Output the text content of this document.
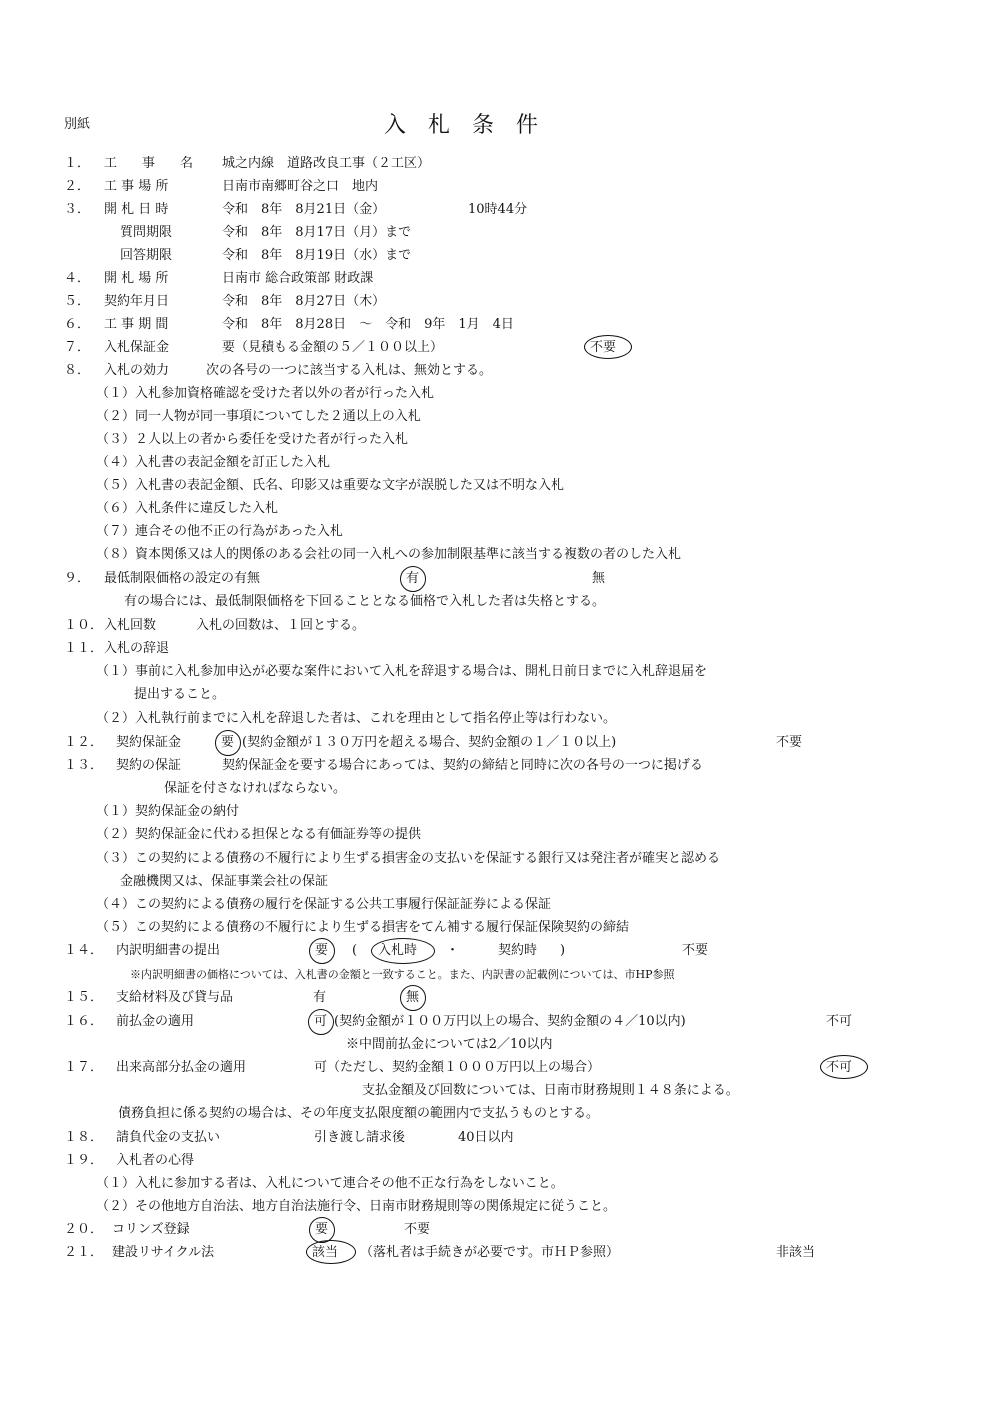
別紙	入札条件
１． 工　事　名 城之内線　道路改良工事（２工区）
２． 工 事 場 所	日南市南郷町谷之口　地内
３． 開 札 日 時	令和　8年　8月21日（金）	10時44分
質問期限	令和　8年　8月17日（月）まで
回答期限	令和　8年　8月19日（水）まで
４． 開 札 場 所	日南市 総合政策部 財政課
５． 契約年月日	令和　8年　8月27日（木）
６． 工 事 期 間	令和　8年　8月28日　～　令和　9年　1月　4日
７． 入札保証金	要（見積もる金額の５／１００以上）	不要
８． 入札の効力	次の各号の一つに該当する入札は、無効とする。
（１）入札参加資格確認を受けた者以外の者が行った入札
（２）同一人物が同一事項についてした２通以上の入札
（３）２人以上の者から委任を受けた者が行った入札
（４）入札書の表記金額を訂正した入札
（５）入札書の表記金額、氏名、印影又は重要な文字が誤脱した又は不明な入札
（６）入札条件に違反した入札
（７）連合その他不正の行為があった入札
（８）資本関係又は人的関係のある会社の同一入札への参加制限基準に該当する複数の者のした入札
９． 最低制限価格の設定の有無	有	無
有の場合には、最低制限価格を下回ることとなる価格で入札した者は失格とする。
１０． 入札回数	入札の回数は、１回とする。
１１． 入札の辞退
（１）事前に入札参加申込が必要な案件において入札を辞退する場合は、開札日前日までに入札辞退届を
提出すること。
（２）入札執行前までに入札を辞退した者は、これを理由として指名停止等は行わない。
１２． 契約保証金	要 (契約金額が１３０万円を超える場合、契約金額の１／１０以上)	不要
１３． 契約の保証	契約保証金を要する場合にあっては、契約の締結と同時に次の各号の一つに掲げる
保証を付さなければならない。
（１）契約保証金の納付
（２）契約保証金に代わる担保となる有価証券等の提供
（３）この契約による債務の不履行により生ずる損害金の支払いを保証する銀行又は発注者が確実と認める
金融機関又は、保証事業会社の保証
（４）この契約による債務の履行を保証する公共工事履行保証証券による保証
（５）この契約による債務の不履行により生ずる損害をてん補する履行保証保険契約の締結
１４． 内訳明細書の提出	要 ( 入札時 ・	契約時 )	不要
※内訳明細書の価格については、入札書の金額と一致すること。また、内訳書の記載例については、市HP参照
１５． 支給材料及び貸与品	有	無
１６． 前払金の適用	可 (契約金額が１００万円以上の場合、契約金額の４／10以内)	不可
※中間前払金については2／10以内
１７． 出来高部分払金の適用	可（ただし、契約金額１０００万円以上の場合）	不可
支払金額及び回数については、日南市財務規則１４８条による。
債務負担に係る契約の場合は、その年度支払限度額の範囲内で支払うものとする。
１８． 請負代金の支払い	引き渡し請求後	40日以内
１９． 入札者の心得
（１）入札に参加する者は、入札について連合その他不正な行為をしないこと。
（２）その他地方自治法、地方自治法施行令、日南市財務規則等の関係規定に従うこと。
２０． コリンズ登録	要	不要
２１． 建設リサイクル法	該当 （落札者は手続きが必要です。市ＨＰ参照）	非該当
